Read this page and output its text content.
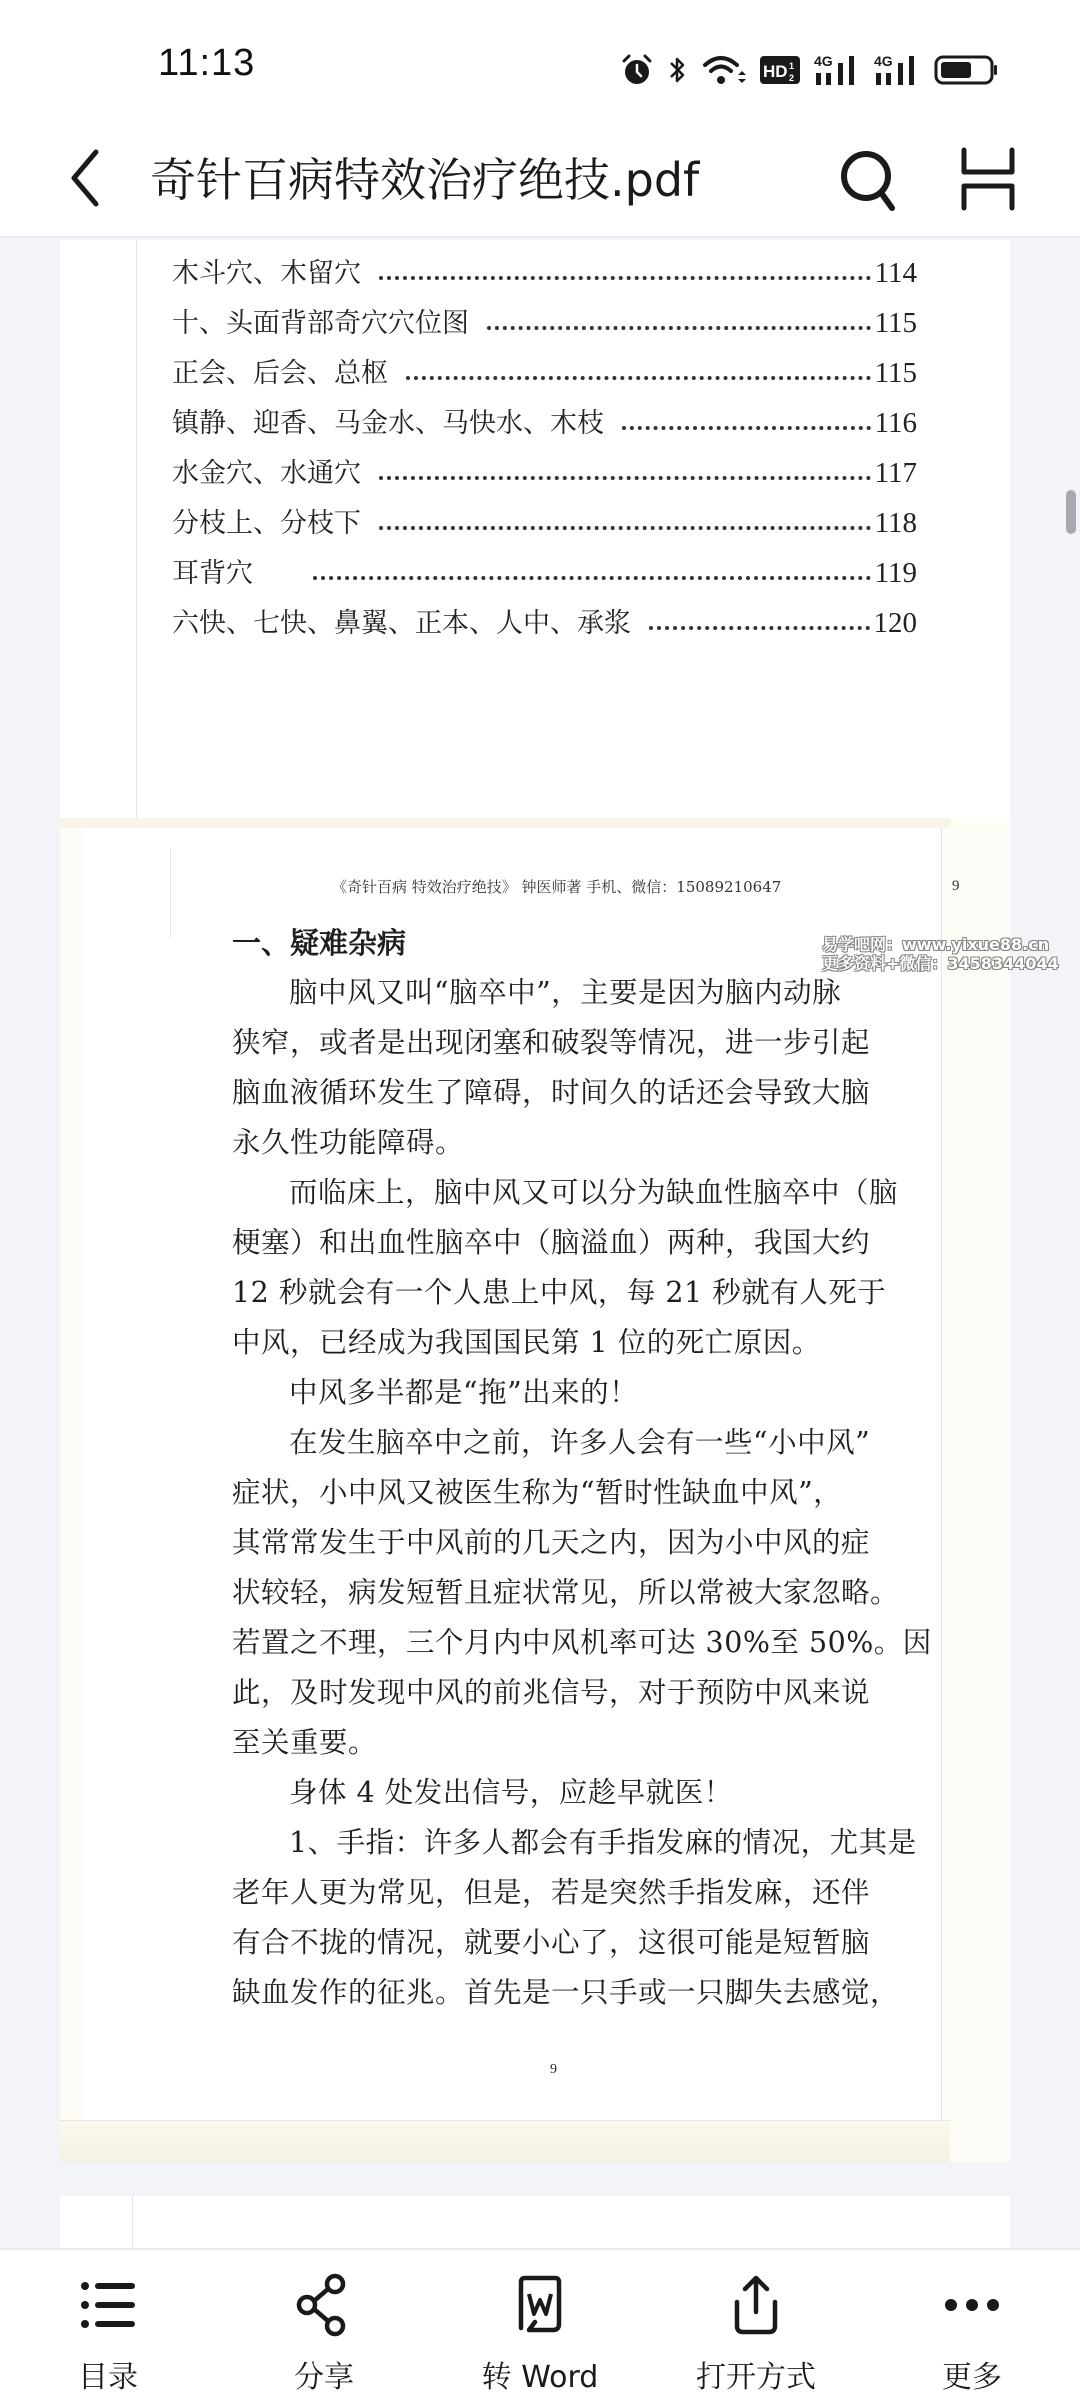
11:13	HD 1
2
4G	4G
奇针百病特效治疗绝技.pdf
木斗穴、木留穴	114
十、头面背部奇穴穴位图	115
正会、后会、总枢	115
镇静、迎香、马金水、马快水、木枝	116
水金穴、水通穴	117
分枝上、分枝下	118
耳背穴	119
六快、七快、鼻翼、正本、人中、承浆	120
《奇针百病 特效治疗绝技》 钟医师著 手机、微信：15089210647	9
一、疑难杂病
脑中风又叫“脑卒中”，主要是因为脑内动脉
狭窄，或者是出现闭塞和破裂等情况，进一步引起
脑血液循环发生了障碍，时间久的话还会导致大脑
永久性功能障碍。
而临床上，脑中风又可以分为缺血性脑卒中（脑
梗塞）和出血性脑卒中（脑溢血）两种，我国大约
12 秒就会有一个人患上中风，每 21 秒就有人死于
中风，已经成为我国国民第 1 位的死亡原因。
中风多半都是“拖”出来的！
在发生脑卒中之前，许多人会有一些“小中风”
症状，小中风又被医生称为“暂时性缺血中风”，
其常常发生于中风前的几天之内，因为小中风的症
状较轻，病发短暂且症状常见，所以常被大家忽略。
若置之不理，三个月内中风机率可达 30%至 50%。因
此，及时发现中风的前兆信号，对于预防中风来说
至关重要。
身体 4 处发出信号，应趁早就医！
1、手指：许多人都会有手指发麻的情况，尤其是
老年人更为常见，但是，若是突然手指发麻，还伴
有合不拢的情况，就要小心了，这很可能是短暂脑
缺血发作的征兆。首先是一只手或一只脚失去感觉，
9
易学吧网：www.yixue88.cn
更多资料+微信：3458344044
目录	分享	转 Word	打开方式	更多
